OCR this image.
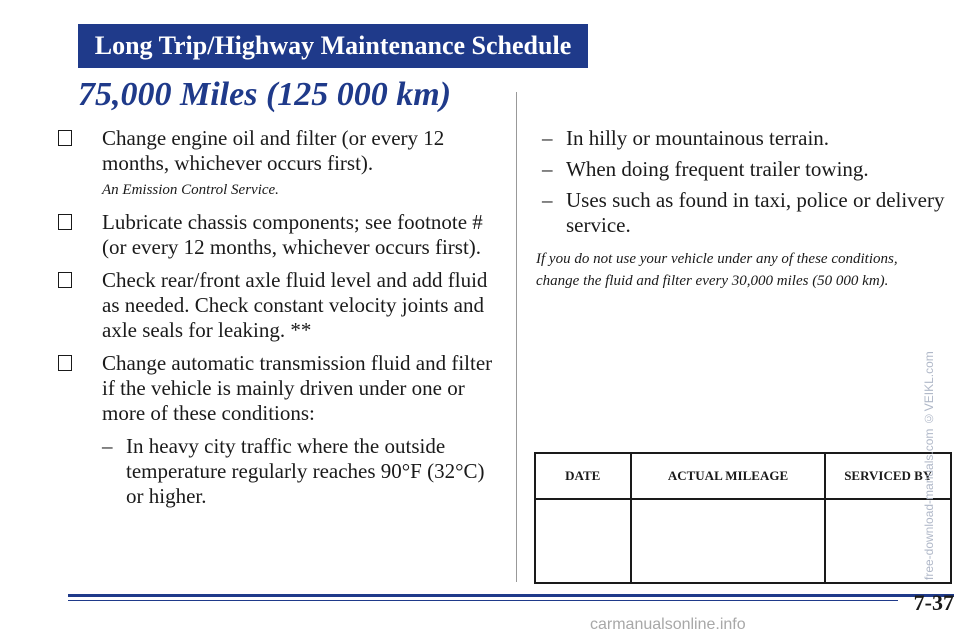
Long Trip/Highway Maintenance Schedule
75,000 Miles (125 000 km)
Change engine oil and filter (or every 12 months, whichever occurs first).
An Emission Control Service.
Lubricate chassis components; see footnote # (or every 12 months, whichever occurs first).
Check rear/front axle fluid level and add fluid as needed. Check constant velocity joints and axle seals for leaking. **
Change automatic transmission fluid and filter if the vehicle is mainly driven under one or more of these conditions:
– In heavy city traffic where the outside temperature regularly reaches 90°F (32°C) or higher.
– In hilly or mountainous terrain.
– When doing frequent trailer towing.
– Uses such as found in taxi, police or delivery service.
If you do not use your vehicle under any of these conditions, change the fluid and filter every 30,000 miles (50 000 km).
DATE	ACTUAL MILEAGE	SERVICED BY

7-37
free-download-manuals.com ©VEIKL.com
carmanualsonline.info
